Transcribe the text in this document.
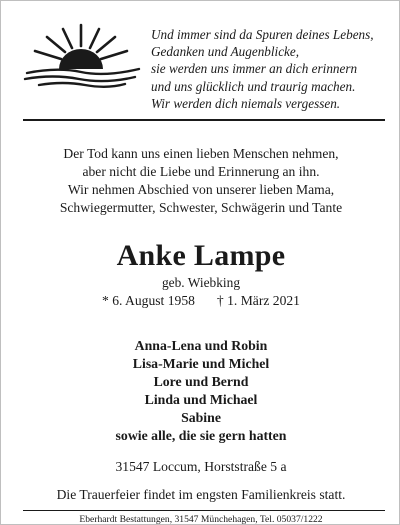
Und immer sind da Spuren deines Lebens,
Gedanken und Augenblicke,
sie werden uns immer an dich erinnern
und uns glücklich und traurig machen.
Wir werden dich niemals vergessen.
Der Tod kann uns einen lieben Menschen nehmen,
aber nicht die Liebe und Erinnerung an ihn.
Wir nehmen Abschied von unserer lieben Mama,
Schwiegermutter, Schwester, Schwägerin und Tante
Anke Lampe
geb. Wiebking
* 6. August 1958 † 1. März 2021
Anna-Lena und Robin
Lisa-Marie und Michel
Lore und Bernd
Linda und Michael
Sabine
sowie alle, die sie gern hatten
31547 Loccum, Horststraße 5 a
Die Trauerfeier findet im engsten Familienkreis statt.
Eberhardt Bestattungen, 31547 Münchehagen, Tel. 05037/1222
